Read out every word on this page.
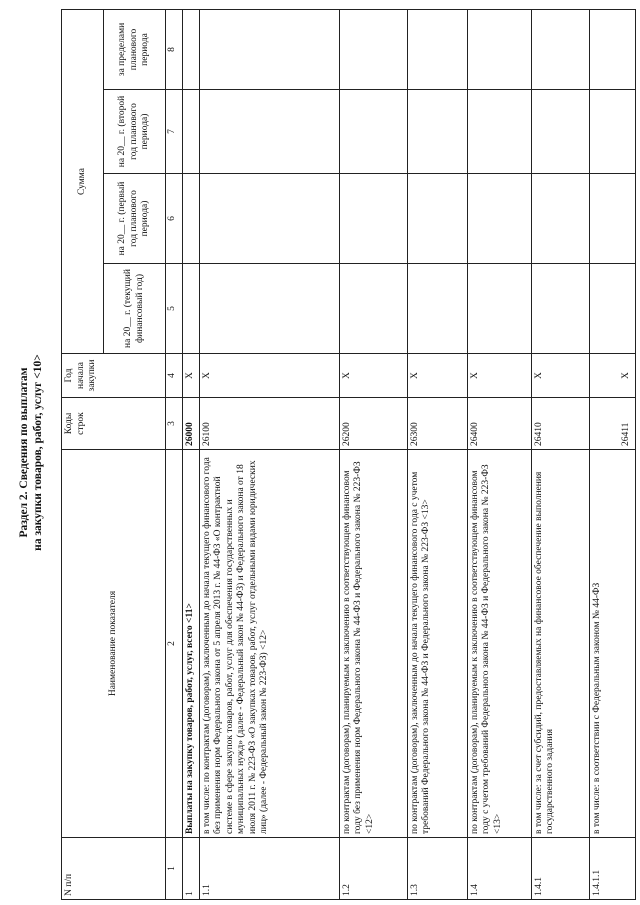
Раздел 2. Сведения по выплатам на закупки товаров, работ, услуг <10>
N п/п	Наименование показателя	Коды строк	Год начала закупки	Сумма			
				на 20__ г. (текущий финансовый год)	на 20__ г. (первый год планового периода)	на 20__ г. (второй год планового периода)	за пределами планового периода
1	2	3	4	5	6	7	8
1	Выплаты на закупку товаров, работ, услуг, всего <11>	26000	X				
1.1	в том числе: по контрактам (договорам), заключенным до начала текущего финансового года без применения норм Федерального закона от 5 апреля 2013 г. № 44-ФЗ «О контрактной системе в сфере закупок товаров, работ, услуг для обеспечения государственных и муниципальных нужд» (далее - Федеральный закон № 44-ФЗ) и Федерального закона от 18 июля 2011 г. № 223-ФЗ «О закупках товаров, работ, услуг отдельными видами юридических лиц» (далее - Федеральный закон № 223-ФЗ) <12>	26100	X				
1.2	по контрактам (договорам), планируемым к заключению в соответствующем финансовом году без применения норм Федерального закона № 44-ФЗ и Федерального закона № 223-ФЗ <12>	26200	X				
1.3	по контрактам (договорам), заключенным до начала текущего финансового года с учетом требований Федерального закона № 44-ФЗ и Федерального закона № 223-ФЗ <13>	26300	X				
1.4	по контрактам (договорам), планируемым к заключению в соответствующем финансовом году с учетом требований Федерального закона № 44-ФЗ и Федерального закона № 223-ФЗ <13>	26400	X				
1.4.1	в том числе: за счет субсидий, предоставляемых на финансовое обеспечение выполнения государственного задания	26410	X				
1.4.1.1	в том числе: в соответствии с Федеральным законом № 44-ФЗ	26411	X				
